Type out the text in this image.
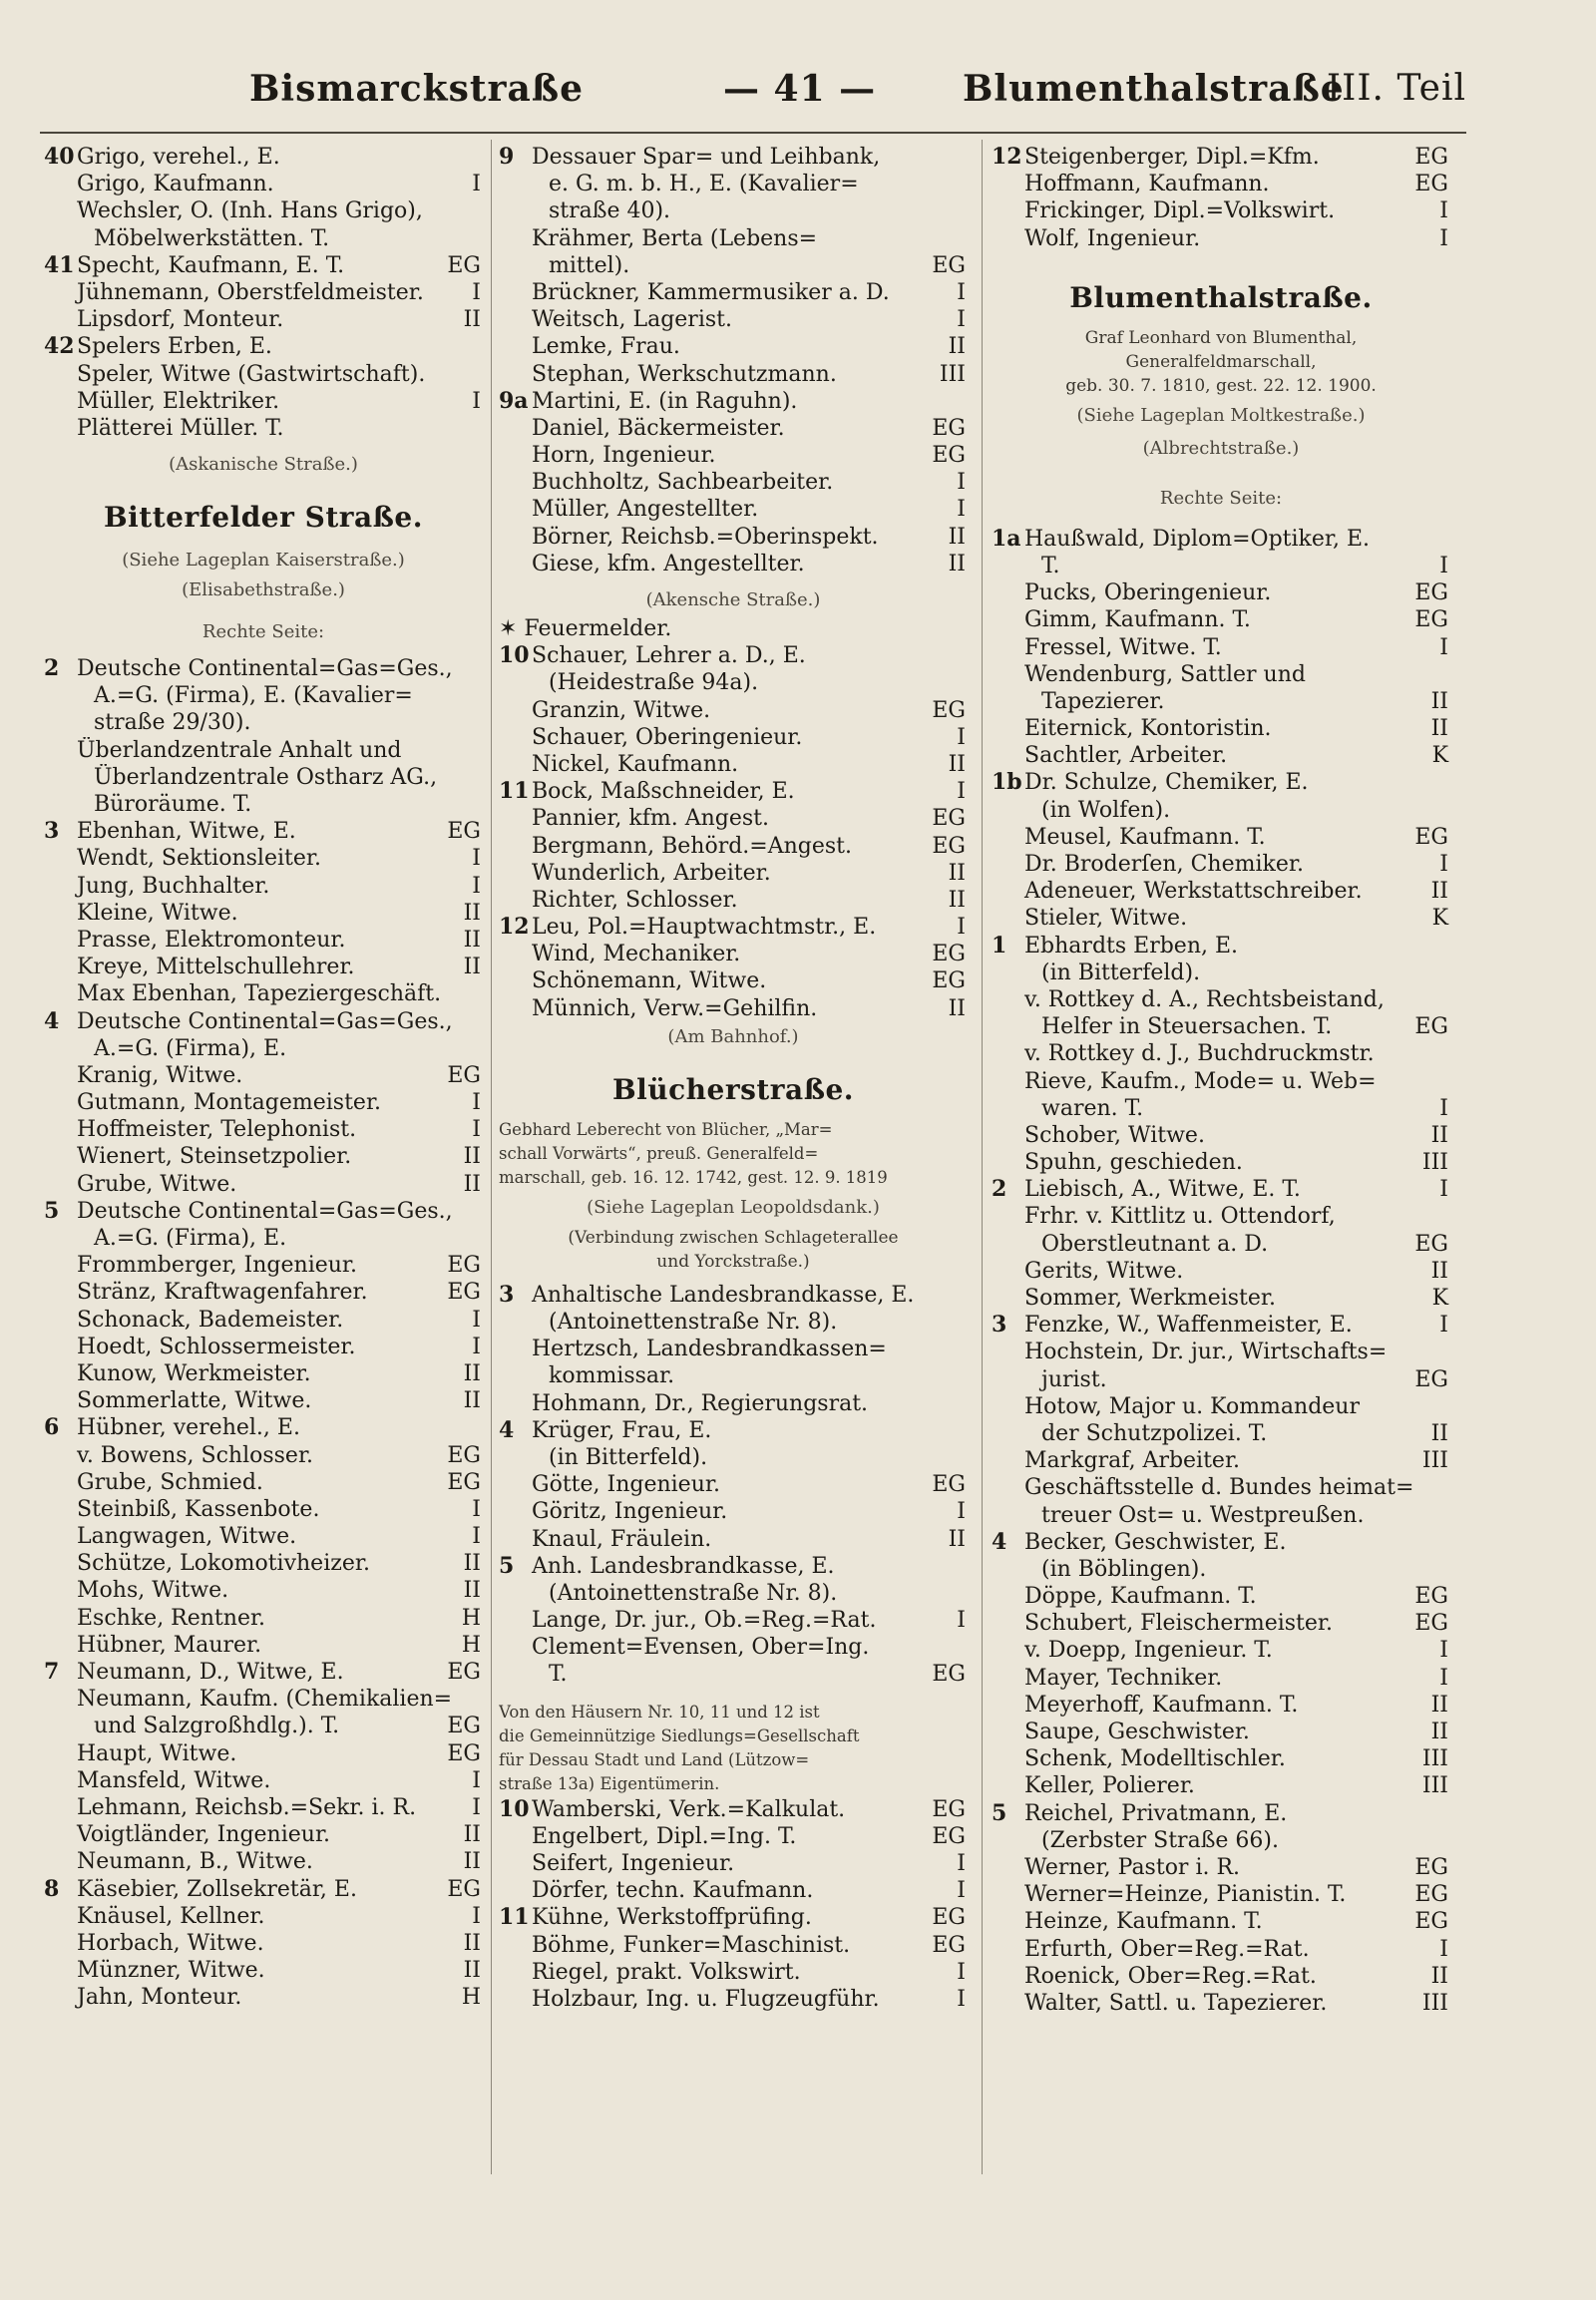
Bismarckstraße	— 41 — Blumenthalstraße
III. Teil
40 Grigo, verehel., E.
Grigo, Kaufmann.	I
Wechsler, O. (Inh. Hans Grigo),
Möbelwerkstätten. T.
41 Specht, Kaufmann, E. T.	EG
Jühnemann, Oberstfeldmeister. I
Lipsdorf, Monteur.	II
42 Spelers Erben, E.
Speler, Witwe (Gastwirtschaft).
Müller, Elektriker.	I
Plätterei Müller. T.
(Askanische Straße.)
Bitterfelder Straße.
(Siehe Lageplan Kaiserstraße.)
(Elisabethstraße.)
Rechte Seite:
2 Deutsche Continental=Gas=Ges.,
A.=G. (Firma), E. (Kavalier=
straße 29/30).
Überlandzentrale Anhalt und
Überlandzentrale Ostharz AG.,
Büroräume. T.
3 Ebenhan, Witwe, E.	EG
Wendt, Sektionsleiter.	I
Jung, Buchhalter.	I
Kleine, Witwe.	II
Prasse, Elektromonteur.	II
Kreye, Mittelschullehrer.	II
Max Ebenhan, Tapeziergeschäft.
4 Deutsche Continental=Gas=Ges.,
A.=G. (Firma), E.
Kranig, Witwe.	EG
Gutmann, Montagemeister.	I
Hoffmeister, Telephonist.	I
Wienert, Steinsetzpolier.	II
Grube, Witwe.	II
5 Deutsche Continental=Gas=Ges.,
A.=G. (Firma), E.
Frommberger, Ingenieur.	EG
Stränz, Kraftwagenfahrer.	EG
Schonack, Bademeister.	I
Hoedt, Schlossermeister.	I
Kunow, Werkmeister.	II
Sommerlatte, Witwe.	II
6 Hübner, verehel., E.
v. Bowens, Schlosser.	EG
Grube, Schmied.	EG
Steinbiß, Kassenbote.	I
Langwagen, Witwe.	I
Schütze, Lokomotivheizer.	II
Mohs, Witwe.	II
Eschke, Rentner.	H
Hübner, Maurer.	H
7 Neumann, D., Witwe, E.	EG
Neumann, Kaufm. (Chemikalien=
und Salzgroßhdlg.). T.	EG
Haupt, Witwe.	EG
Mansfeld, Witwe.	I
Lehmann, Reichsb.=Sekr. i. R.	I
Voigtländer, Ingenieur.	II
Neumann, B., Witwe.	II
8 Käsebier, Zollsekretär, E.	EG
Knäusel, Kellner.	I
Horbach, Witwe.	II
Münzner, Witwe.	II
Jahn, Monteur.	H
9 Dessauer Spar= und Leihbank,
e. G. m. b. H., E. (Kavalier=
straße 40).
Krähmer, Berta (Lebens=
mittel).	EG
Brückner, Kammermusiker a. D.	I
Weitsch, Lagerist.	I
Lemke, Frau.	II
Stephan, Werkschutzmann.	III
9a Martini, E. (in Raguhn).
Daniel, Bäckermeister.	EG
Horn, Ingenieur.	EG
Buchholtz, Sachbearbeiter.	I
Müller, Angestellter.	I
Börner, Reichsb.=Oberinspekt.	II
Giese, kfm. Angestellter.	II
(Akensche Straße.)
✶ Feuermelder.
10 Schauer, Lehrer a. D., E.
(Heidestraße 94a).
Granzin, Witwe.	EG
Schauer, Oberingenieur.	I
Nickel, Kaufmann.	II
11 Bock, Maßschneider, E.	I
Pannier, kfm. Angest.	EG
Bergmann, Behörd.=Angest.	EG
Wunderlich, Arbeiter.	II
Richter, Schlosser.	II
12 Leu, Pol.=Hauptwachtmstr., E.	I
Wind, Mechaniker.	EG
Schönemann, Witwe.	EG
Münnich, Verw.=Gehilfin.	II
(Am Bahnhof.)
Blücherstraße.
Gebhard Leberecht von Blücher, „Mar=
schall Vorwärts“, preuß. Generalfeld=
marschall, geb. 16. 12. 1742, gest. 12. 9. 1819
(Siehe Lageplan Leopoldsdank.)
(Verbindung zwischen Schlageterallee
und Yorckstraße.)
3 Anhaltische Landesbrandkasse, E.
(Antoinettenstraße Nr. 8).
Hertzsch, Landesbrandkassen=
kommissar.
Hohmann, Dr., Regierungsrat.
4 Krüger, Frau, E.
(in Bitterfeld).
Götte, Ingenieur.	EG
Göritz, Ingenieur.	I
Knaul, Fräulein.	II
5 Anh. Landesbrandkasse, E.
(Antoinettenstraße Nr. 8).
Lange, Dr. jur., Ob.=Reg.=Rat.	I
Clement=Evensen, Ober=Ing.
T.	EG
Von den Häusern Nr. 10, 11 und 12 ist
die Gemeinnützige Siedlungs=Gesellschaft
für Dessau Stadt und Land (Lützow=
straße 13a) Eigentümerin.
10 Wamberski, Verk.=Kalkulat.	EG
Engelbert, Dipl.=Ing. T.	EG
Seifert, Ingenieur.	I
Dörfer, techn. Kaufmann.	I
11 Kühne, Werkstoffprüfing.	EG
Böhme, Funker=Maschinist.	EG
Riegel, prakt. Volkswirt.	I
Holzbaur, Ing. u. Flugzeugführ.	I
12 Steigenberger, Dipl.=Kfm.	EG
Hoffmann, Kaufmann.	EG
Frickinger, Dipl.=Volkswirt.	I
Wolf, Ingenieur.	I
Blumenthalstraße.
Graf Leonhard von Blumenthal,
Generalfeldmarschall,
geb. 30. 7. 1810, gest. 22. 12. 1900.
(Siehe Lageplan Moltkestraße.)
(Albrechtstraße.)
Rechte Seite:
1a Haußwald, Diplom=Optiker, E.
T.	I
Pucks, Oberingenieur.	EG
Gimm, Kaufmann. T.	EG
Fressel, Witwe. T.	I
Wendenburg, Sattler und
Tapezierer.	II
Eiternick, Kontoristin.	II
Sachtler, Arbeiter.	K
1b Dr. Schulze, Chemiker, E.
(in Wolfen).
Meusel, Kaufmann. T.	EG
Dr. Broderſen, Chemiker.	I
Adeneuer, Werkstattschreiber.	II
Stieler, Witwe.	K
1 Ebhardts Erben, E.
(in Bitterfeld).
v. Rottkey d. A., Rechtsbeistand,
Helfer in Steuersachen. T.	EG
v. Rottkey d. J., Buchdruckmstr.
Rieve, Kaufm., Mode= u. Web=
waren. T.	I
Schober, Witwe.	II
Spuhn, geschieden.	III
2 Liebisch, A., Witwe, E. T.	I
Frhr. v. Kittlitz u. Ottendorf,
Oberstleutnant a. D.	EG
Gerits, Witwe.	II
Sommer, Werkmeister.	K
3 Fenzke, W., Waffenmeister, E.	I
Hochstein, Dr. jur., Wirtschafts=
jurist.	EG
Hotow, Major u. Kommandeur
der Schutzpolizei. T.	II
Markgraf, Arbeiter.	III
Geschäftsstelle d. Bundes heimat=
treuer Ost= u. Westpreußen.
4 Becker, Geschwister, E.
(in Böblingen).
Döppe, Kaufmann. T.	EG
Schubert, Fleischermeister.	EG
v. Doepp, Ingenieur. T.	I
Mayer, Techniker.	I
Meyerhoff, Kaufmann. T.	II
Saupe, Geschwister.	II
Schenk, Modelltischler.	III
Keller, Polierer.	III
5 Reichel, Privatmann, E.
(Zerbster Straße 66).
Werner, Pastor i. R.	EG
Werner=Heinze, Pianistin. T.	EG
Heinze, Kaufmann. T.	EG
Erfurth, Ober=Reg.=Rat.	I
Roenick, Ober=Reg.=Rat.	II
Walter, Sattl. u. Tapezierer.	III
